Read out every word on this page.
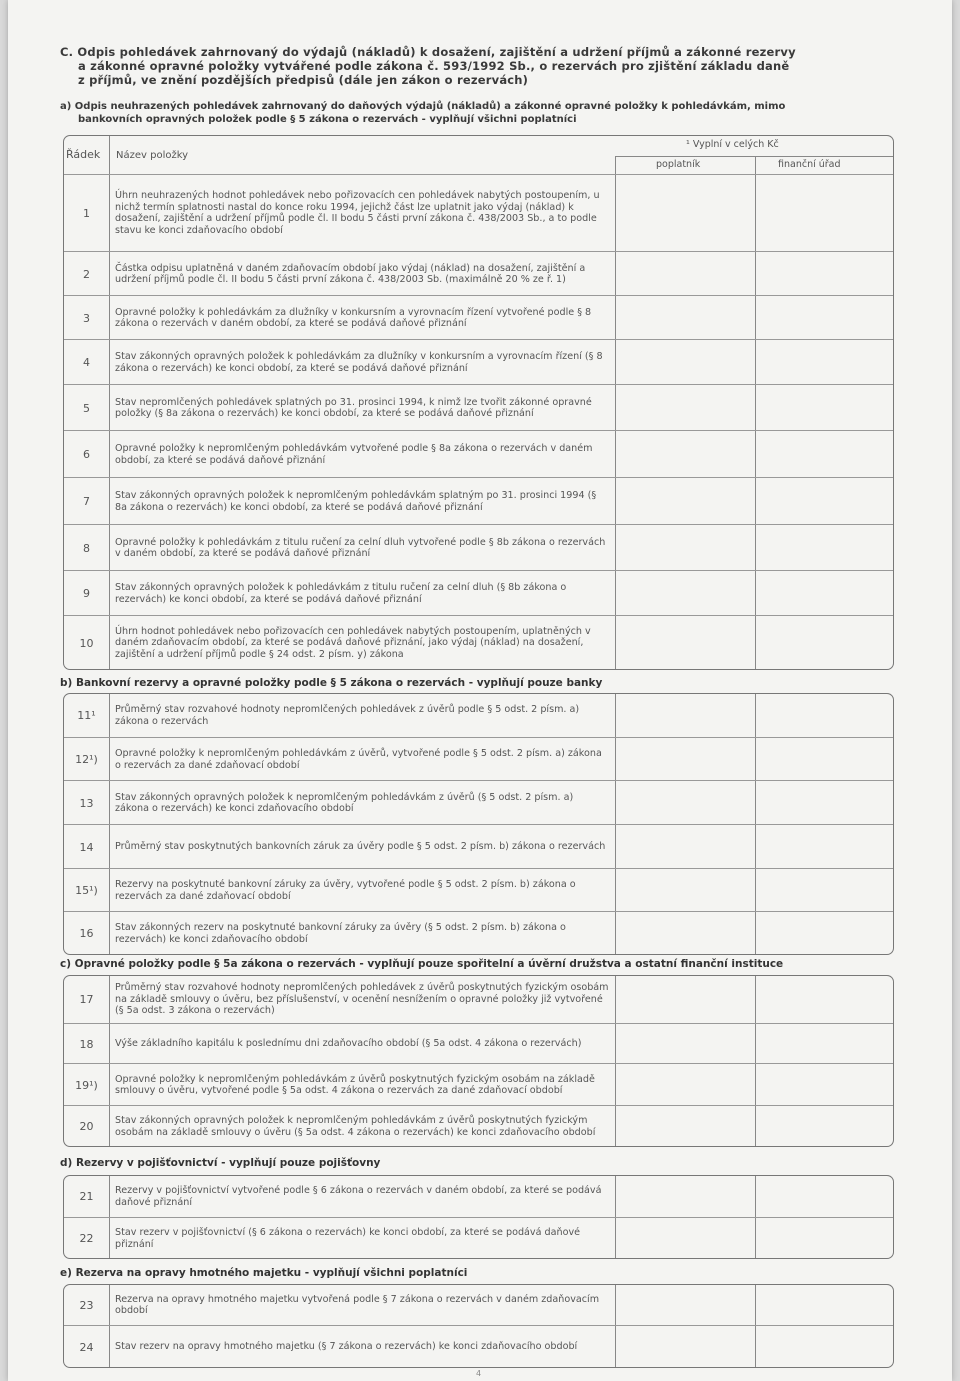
C. Odpis pohledávek zahrnovaný do výdajů (nákladů) k dosažení, zajištění a udržení příjmů a zákonné rezervy
a zákonné opravné položky vytvářené podle zákona č. 593/1992 Sb., o rezervách pro zjištění základu daně
z příjmů, ve znění pozdějších předpisů (dále jen zákon o rezervách)
a) Odpis neuhrazených pohledávek zahrnovaný do daňových výdajů (nákladů) a zákonné opravné položky k pohledávkám, mimo
bankovních opravných položek podle § 5 zákona o rezervách - vyplňují všichni poplatníci
Řádek Název položky
¹ Vyplní v celých Kč
poplatník	finanční úřad
1
Úhrn neuhrazených hodnot pohledávek nebo pořizovacích cen pohledávek nabytých postoupením, u nichž termín splatnosti nastal do konce roku 1994, jejichž část lze uplatnit jako výdaj (náklad) k dosažení, zajištění a udržení příjmů podle čl. II bodu 5 části první zákona č. 438/2003 Sb., a to podle stavu ke konci zdaňovacího období
2	Částka odpisu uplatněná v daném zdaňovacím období jako výdaj (náklad) na dosažení, zajištění a udržení příjmů podle čl. II bodu 5 části první zákona č. 438/2003 Sb. (maximálně 20 % ze ř. 1)
3	Opravné položky k pohledávkám za dlužníky v konkursním a vyrovnacím řízení vytvořené podle § 8 zákona o rezervách v daném období, za které se podává daňové přiznání
4	Stav zákonných opravných položek k pohledávkám za dlužníky v konkursním a vyrovnacím řízení (§ 8 zákona o rezervách) ke konci období, za které se podává daňové přiznání
5	Stav nepromlčených pohledávek splatných po 31. prosinci 1994, k nimž lze tvořit zákonné opravné položky (§ 8a zákona o rezervách) ke konci období, za které se podává daňové přiznání
6	Opravné položky k nepromlčeným pohledávkám vytvořené podle § 8a zákona o rezervách v daném období, za které se podává daňové přiznání
7	Stav zákonných opravných položek k nepromlčeným pohledávkám splatným po 31. prosinci 1994 (§ 8a zákona o rezervách) ke konci období, za které se podává daňové přiznání
8	Opravné položky k pohledávkám z titulu ručení za celní dluh vytvořené podle § 8b zákona o rezervách v daném období, za které se podává daňové přiznání
9	Stav zákonných opravných položek k pohledávkám z titulu ručení za celní dluh (§ 8b zákona o rezervách) ke konci období, za které se podává daňové přiznání
10
Úhrn hodnot pohledávek nebo pořizovacích cen pohledávek nabytých postoupením, uplatněných v daném zdaňovacím období, za které se podává daňové přiznání, jako výdaj (náklad) na dosažení, zajištění a udržení příjmů podle § 24 odst. 2 písm. y) zákona
b) Bankovní rezervy a opravné položky podle § 5 zákona o rezervách - vyplňují pouze banky
11¹	Průměrný stav rozvahové hodnoty nepromlčených pohledávek z úvěrů podle § 5 odst. 2 písm. a) zákona o rezervách
12¹)	Opravné položky k nepromlčeným pohledávkám z úvěrů, vytvořené podle § 5 odst. 2 písm. a) zákona o rezervách za dané zdaňovací období
13	Stav zákonných opravných položek k nepromlčeným pohledávkám z úvěrů (§ 5 odst. 2 písm. a) zákona o rezervách) ke konci zdaňovacího období
14	Průměrný stav poskytnutých bankovních záruk za úvěry podle § 5 odst. 2 písm. b) zákona o rezervách
15¹)	Rezervy na poskytnuté bankovní záruky za úvěry, vytvořené podle § 5 odst. 2 písm. b) zákona o rezervách za dané zdaňovací období
16	Stav zákonných rezerv na poskytnuté bankovní záruky za úvěry (§ 5 odst. 2 písm. b) zákona o rezervách) ke konci zdaňovacího období
c) Opravné položky podle § 5a zákona o rezervách - vyplňují pouze spořitelní a úvěrní družstva a ostatní finanční instituce
17
Průměrný stav rozvahové hodnoty nepromlčených pohledávek z úvěrů poskytnutých fyzickým osobám na základě smlouvy o úvěru, bez příslušenství, v ocenění nesnížením o opravné položky již vytvořené (§ 5a odst. 3 zákona o rezervách)
18	Výše základního kapitálu k poslednímu dni zdaňovacího období (§ 5a odst. 4 zákona o rezervách)
19¹)	Opravné položky k nepromlčeným pohledávkám z úvěrů poskytnutých fyzickým osobám na základě smlouvy o úvěru, vytvořené podle § 5a odst. 4 zákona o rezervách za dané zdaňovací období
20	Stav zákonných opravných položek k nepromlčeným pohledávkám z úvěrů poskytnutých fyzickým osobám na základě smlouvy o úvěru (§ 5a odst. 4 zákona o rezervách) ke konci zdaňovacího období
d) Rezervy v pojišťovnictví - vyplňují pouze pojišťovny
21	Rezervy v pojišťovnictví vytvořené podle § 6 zákona o rezervách v daném období, za které se podává daňové přiznání
22	Stav rezerv v pojišťovnictví (§ 6 zákona o rezervách) ke konci období, za které se podává daňové přiznání
e) Rezerva na opravy hmotného majetku - vyplňují všichni poplatníci
23	Rezerva na opravy hmotného majetku vytvořená podle § 7 zákona o rezervách v daném zdaňovacím období
24	Stav rezerv na opravy hmotného majetku (§ 7 zákona o rezervách) ke konci zdaňovacího období
4
